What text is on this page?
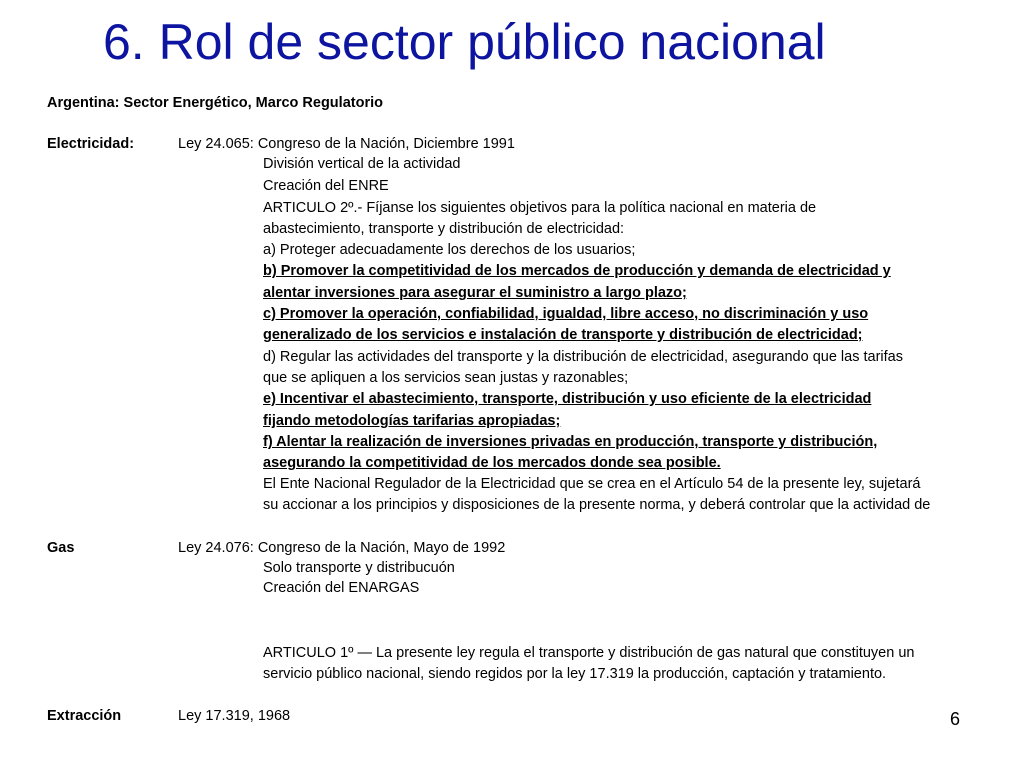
6. Rol de sector público nacional

Argentina: Sector Energético, Marco Regulatorio

Electricidad:	Ley 24.065: Congreso de la Nación, Diciembre 1991

División vertical de la actividad

Creación del ENRE

ARTICULO 2º.- Fíjanse los siguientes objetivos para la política nacional en materia de

abastecimiento, transporte y distribución de electricidad:

a) Proteger adecuadamente los derechos de los usuarios;

b) Promover la competitividad de los mercados de producción y demanda de electricidad y

alentar inversiones para asegurar el suministro a largo plazo;

c) Promover la operación, confiabilidad, igualdad, libre acceso, no discriminación y uso

generalizado de los servicios e instalación de transporte y distribución de electricidad;

d) Regular las actividades del transporte y la distribución de electricidad, asegurando que las tarifas

que se apliquen a los servicios sean justas y razonables;

e) Incentivar el abastecimiento, transporte, distribución y uso eficiente de la electricidad

fijando metodologías tarifarias apropiadas;

f) Alentar la realización de inversiones privadas en producción, transporte y distribución,

asegurando la competitividad de los mercados donde sea posible.

El Ente Nacional Regulador de la Electricidad que se crea en el Artículo 54 de la presente ley, sujetará

su accionar a los principios y disposiciones de la presente norma, y deberá controlar que la actividad de

Gas	Ley 24.076: Congreso de la Nación, Mayo de 1992

Solo transporte y distribucuón

Creación del ENARGAS

ARTICULO 1º — La presente ley regula el transporte y distribución de gas natural que constituyen un

servicio público nacional, siendo regidos por la ley 17.319 la producción, captación y tratamiento.

Extracción	Ley 17.319, 1968	6
